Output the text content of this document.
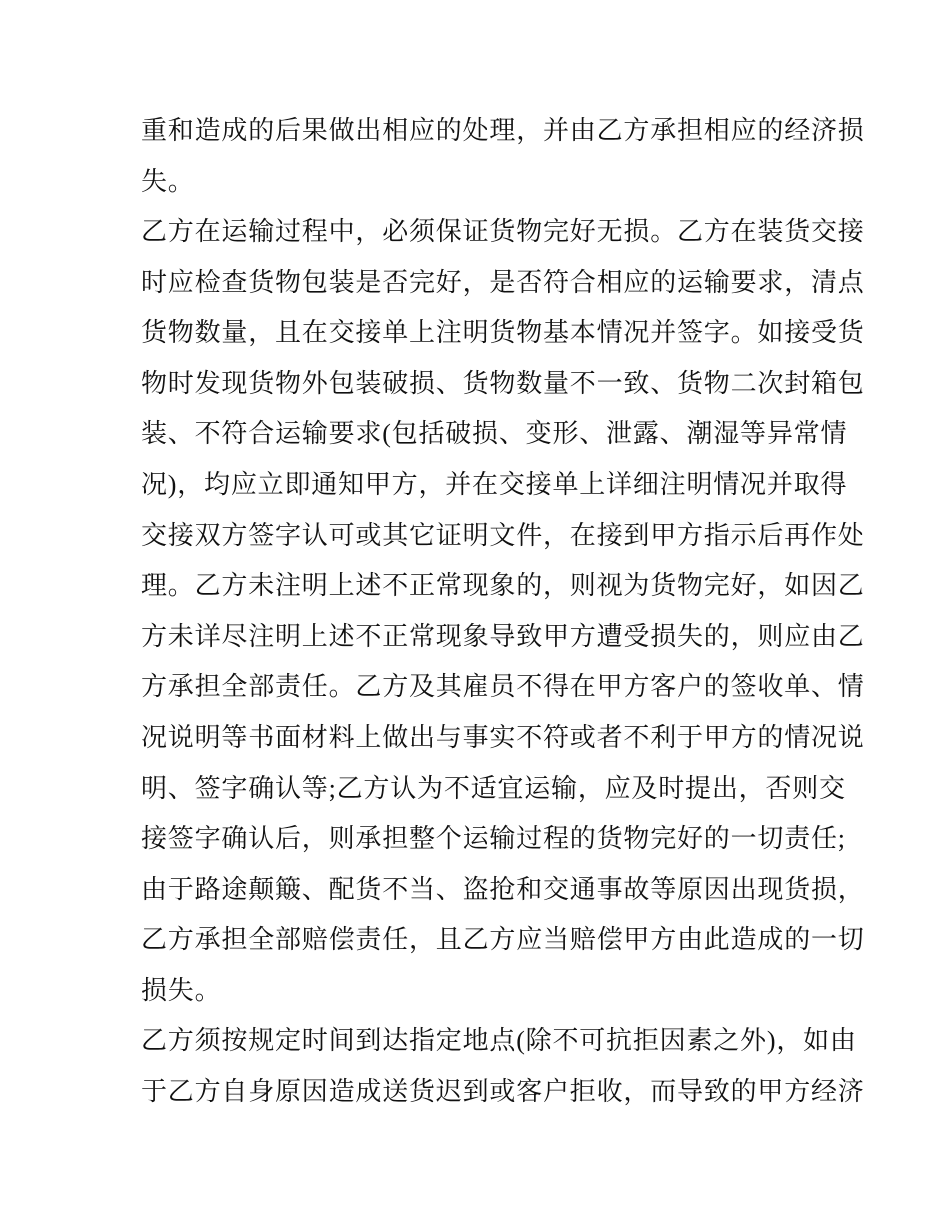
重和造成的后果做出相应的处理，并由乙方承担相应的经济损
失。
乙方在运输过程中，必须保证货物完好无损。乙方在装货交接
时应检查货物包装是否完好，是否符合相应的运输要求，清点
货物数量，且在交接单上注明货物基本情况并签字。如接受货
物时发现货物外包装破损、货物数量不一致、货物二次封箱包
装、不符合运输要求(包括破损、变形、泄露、潮湿等异常情
况)，均应立即通知甲方，并在交接单上详细注明情况并取得
交接双方签字认可或其它证明文件，在接到甲方指示后再作处
理。乙方未注明上述不正常现象的，则视为货物完好，如因乙
方未详尽注明上述不正常现象导致甲方遭受损失的，则应由乙
方承担全部责任。乙方及其雇员不得在甲方客户的签收单、情
况说明等书面材料上做出与事实不符或者不利于甲方的情况说
明、签字确认等;乙方认为不适宜运输，应及时提出，否则交
接签字确认后，则承担整个运输过程的货物完好的一切责任;
由于路途颠簸、配货不当、盗抢和交通事故等原因出现货损，
乙方承担全部赔偿责任，且乙方应当赔偿甲方由此造成的一切
损失。
乙方须按规定时间到达指定地点(除不可抗拒因素之外)，如由
于乙方自身原因造成送货迟到或客户拒收，而导致的甲方经济
